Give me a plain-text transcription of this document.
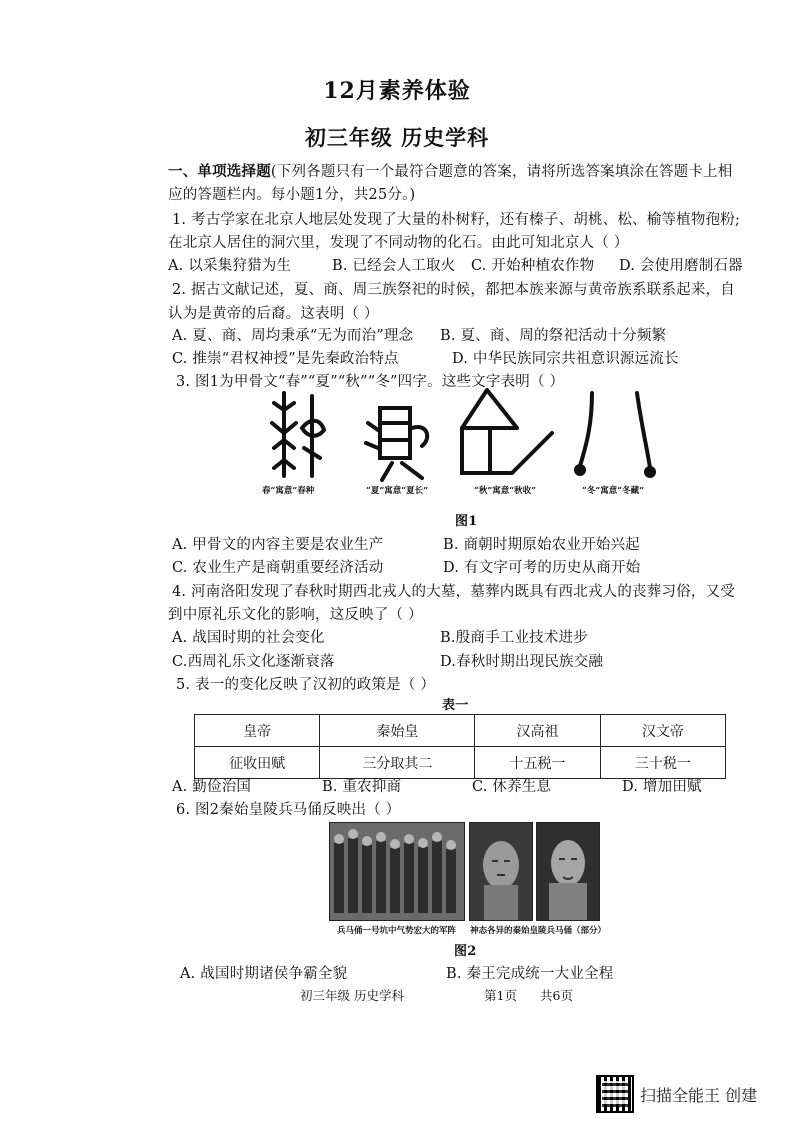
12月素养体验
初三年级 历史学科
一、单项选择题(下列各题只有一个最符合题意的答案，请将所选答案填涂在答题卡上相
应的答题栏内。每小题1分，共25分。)
1. 考古学家在北京人地层处发现了大量的朴树籽，还有榛子、胡桃、松、榆等植物孢粉;
在北京人居住的洞穴里，发现了不同动物的化石。由此可知北京人（ ）
A. 以采集狩猎为生	B. 已经会人工取火 C. 开始种植农作物 D. 会使用磨制石器
2. 据古文献记述，夏、商、周三族祭祀的时候，都把本族来源与黄帝族系联系起来，自
认为是黄帝的后裔。这表明（ ）
A. 夏、商、周均秉承“无为而治”理念 B. 夏、商、周的祭祀活动十分频繁
C. 推崇“君权神授”是先秦政治特点	D. 中华民族同宗共祖意识源远流长
3. 图1为甲骨文“春”“夏”“秋”“冬”四字。这些文字表明（ ）
春“寓意”春种	“夏”寓意“夏长”	“秋”寓意“秋收”	“冬”寓意“冬藏”
图1
A. 甲骨文的内容主要是农业生产	B. 商朝时期原始农业开始兴起
C. 农业生产是商朝重要经济活动	D. 有文字可考的历史从商开始
4. 河南洛阳发现了春秋时期西北戎人的大墓，墓葬内既具有西北戎人的丧葬习俗，又受
到中原礼乐文化的影响，这反映了（ ）
A. 战国时期的社会变化	B.殷商手工业技术进步
C.西周礼乐文化逐渐衰落	D.春秋时期出现民族交融
5. 表一的变化反映了汉初的政策是（ ）
表一
皇帝	秦始皇	汉高祖	汉文帝
征收田赋	三分取其二	十五税一	三十税一
A. 勤俭治国	B. 重农抑商	C. 休养生息	D. 增加田赋
6. 图2秦始皇陵兵马俑反映出（ ）
兵马俑一号坑中气势宏大的军阵 神态各异的秦始皇陵兵马俑（部分）
图2
A. 战国时期诸侯争霸全貌	B. 秦王完成统一大业全程
初三年级 历史学科	第1页 共6页
扫描全能王 创建
